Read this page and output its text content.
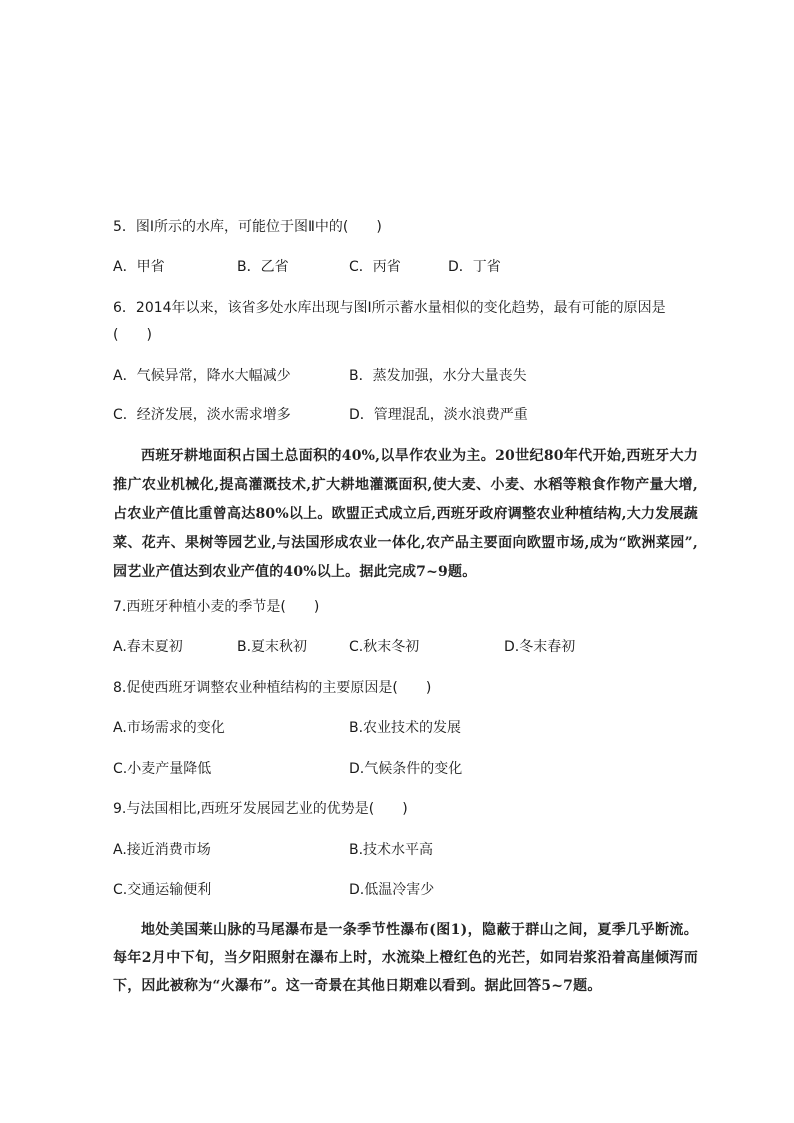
5．图Ⅰ所示的水库，可能位于图Ⅱ中的(　　)
A．甲省	B．乙省	C．丙省	D．丁省
6．2014年以来，该省多处水库出现与图Ⅰ所示蓄水量相似的变化趋势，最有可能的原因是
(　　)
A．气候异常，降水大幅减少	B．蒸发加强，水分大量丧失
C．经济发展，淡水需求增多	D．管理混乱，淡水浪费严重
西班牙耕地面积占国土总面积的40%,以旱作农业为主。20世纪80年代开始,西班牙大力推广农业机械化,提高灌溉技术,扩大耕地灌溉面积,使大麦、小麦、水稻等粮食作物产量大增,占农业产值比重曾高达80%以上。欧盟正式成立后,西班牙政府调整农业种植结构,大力发展蔬菜、花卉、果树等园艺业,与法国形成农业一体化,农产品主要面向欧盟市场,成为“欧洲菜园”,园艺业产值达到农业产值的40%以上。据此完成7~9题。
7.西班牙种植小麦的季节是(　　)
A.春末夏初	B.夏末秋初	C.秋末冬初	D.冬末春初
8.促使西班牙调整农业种植结构的主要原因是(　　)
A.市场需求的变化	B.农业技术的发展
C.小麦产量降低	D.气候条件的变化
9.与法国相比,西班牙发展园艺业的优势是(　　)
A.接近消费市场	B.技术水平高
C.交通运输便利	D.低温冷害少
地处美国莱山脉的马尾瀑布是一条季节性瀑布(图1)，隐蔽于群山之间，夏季几乎断流。每年2月中下旬，当夕阳照射在瀑布上时，水流染上橙红色的光芒，如同岩浆沿着高崖倾泻而下，因此被称为“火瀑布”。这一奇景在其他日期难以看到。据此回答5~7题。
